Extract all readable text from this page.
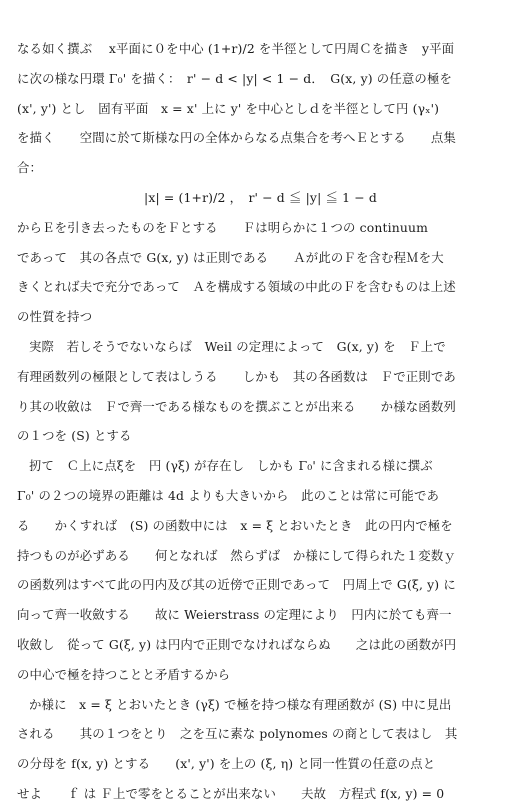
なる如く撰ぶ　 x平面に０を中心 (1+r)/2 を半徑として円周Ｃを描き　y平面
に次の様な円環 Γ₀' を描く：　r' − d < |y| < 1 − d．　G(x, y) の任意の極を
(x', y') とし　固有平面　x = x' 上に y' を中心としｄを半徑として円 (γₓ')
を描く　　空間に於て斯様な円の全体からなる点集合を考へＥとする　　点集
合：
|x| = (1+r)/2 ，　r' − d ≦ |y| ≦ 1 − d
からＥを引き去ったものをＦとする　　Ｆは明らかに１つの continuum
であって　其の各点で G(x, y) は正則である　　Ａが此のＦを含む程Ｍを大
きくとれば夫で充分であって　Ａを構成する領域の中此のＦを含むものは上述
の性質を持つ
実際　若しそうでないならば　Weil の定理によって　G(x, y) を　Ｆ上で
有理函数列の極限として表はしうる　　しかも　其の各函数は　Ｆで正則であ
り其の收斂は　Ｆで齊一である様なものを撰ぶことが出来る　　か様な函数列
の１つを (S) とする
扨て　Ｃ上に点ξを　円 (γξ) が存在し　しかも Γ₀' に含まれる様に撰ぶ
Γ₀' の２つの境界の距離は 4d よりも大きいから　此のことは常に可能であ
る　　かくすれば　(S) の函数中には　x = ξ とおいたとき　此の円内で極を
持つものが必ずある　　何となれば　然らずば　か様にして得られた１変数ｙ
の函数列はすべて此の円内及び其の近傍で正則であって　円周上で G(ξ, y) に
向って齊一收斂する　　故に Weierstrass の定理により　円内に於ても齊一
收斂し　從って G(ξ, y) は円内で正則でなければならぬ　　之は此の函数が円
の中心で極を持つことと矛盾するから
か様に　x = ξ とおいたとき (γξ) で極を持つ様な有理函数が (S) 中に見出
される　　其の１つをとり　之を互に素な polynomes の商として表はし　其
の分母を f(x, y) とする　　(x', y') を上の (ξ, η) と同一性質の任意の点と
せよ　　ｆ は Ｆ上で零をとることが出来ない　　夫故　方程式 f(x, y) = 0
